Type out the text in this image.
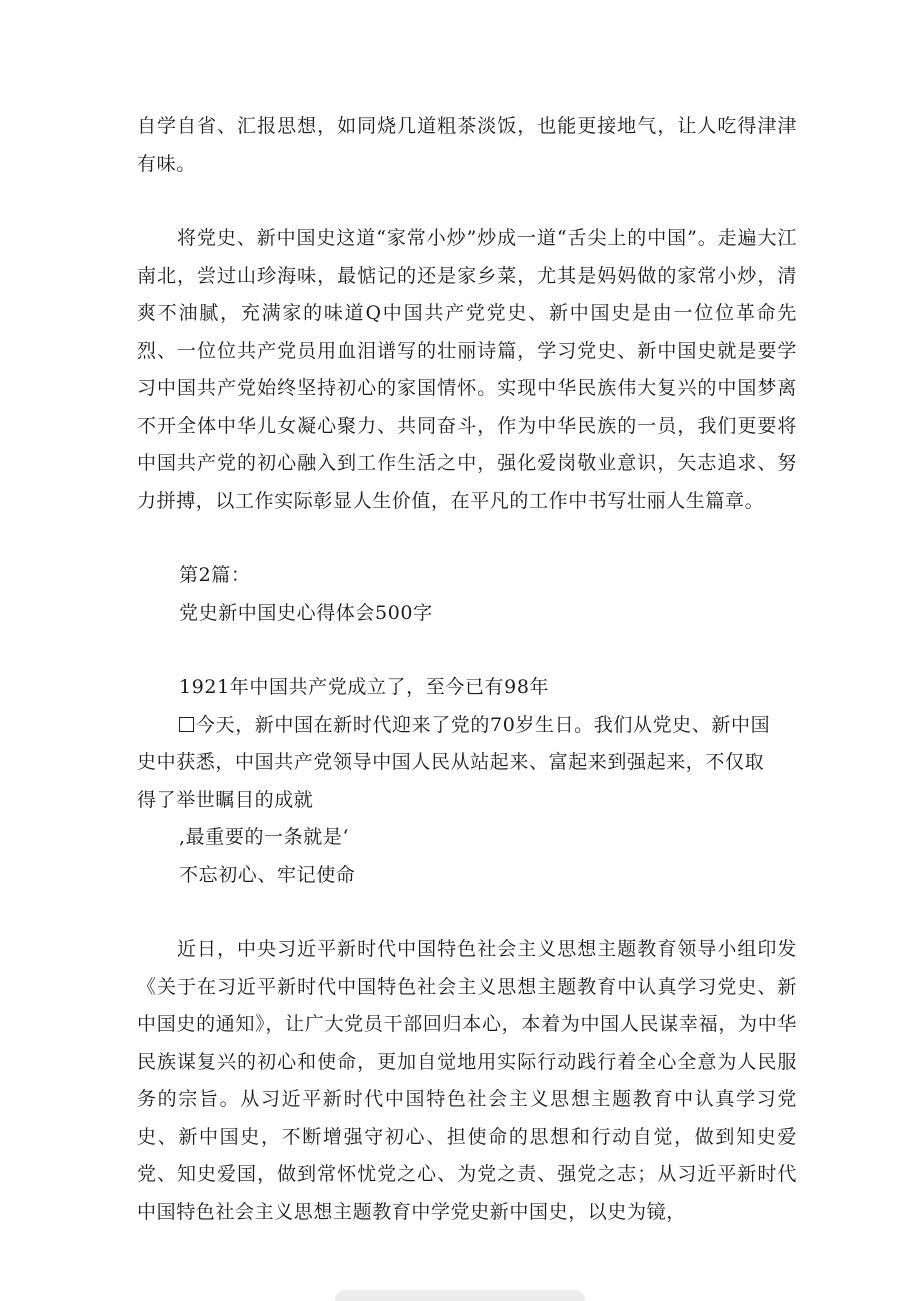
自学自省、汇报思想，如同烧几道粗茶淡饭，也能更接地气，让人吃得津津有味。

将党史、新中国史这道“家常小炒”炒成一道“舌尖上的中国”。走遍大江南北，尝过山珍海味，最惦记的还是家乡菜，尤其是妈妈做的家常小炒，清爽不油腻，充满家的味道Q中国共产党党史、新中国史是由一位位革命先烈、一位位共产党员用血泪谱写的壮丽诗篇，学习党史、新中国史就是要学习中国共产党始终坚持初心的家国情怀。实现中华民族伟大复兴的中国梦离不开全体中华儿女凝心聚力、共同奋斗，作为中华民族的一员，我们更要将中国共产党的初心融入到工作生活之中，强化爱岗敬业意识，矢志追求、努力拼搏，以工作实际彰显人生价值，在平凡的工作中书写壮丽人生篇章。

第2篇：
党史新中国史心得体会500字
1921年中国共产党成立了，至今已有98年
今天，新中国在新时代迎来了党的70岁生日。我们从党史、新中国
史中获悉，中国共产党领导中国人民从站起来、富起来到强起来，不仅取
得了举世瞩目的成就
,最重要的一条就是‘
不忘初心、牢记使命

近日，中央习近平新时代中国特色社会主义思想主题教育领导小组印发《关于在习近平新时代中国特色社会主义思想主题教育中认真学习党史、新中国史的通知》，让广大党员干部回归本心，本着为中国人民谋幸福，为中华民族谋复兴的初心和使命，更加自觉地用实际行动践行着全心全意为人民服务的宗旨。从习近平新时代中国特色社会主义思想主题教育中认真学习党史、新中国史，不断增强守初心、担使命的思想和行动自觉，做到知史爱党、知史爱国，做到常怀忧党之心、为党之责、强党之志；从习近平新时代中国特色社会主义思想主题教育中学党史新中国史，以史为镜，
